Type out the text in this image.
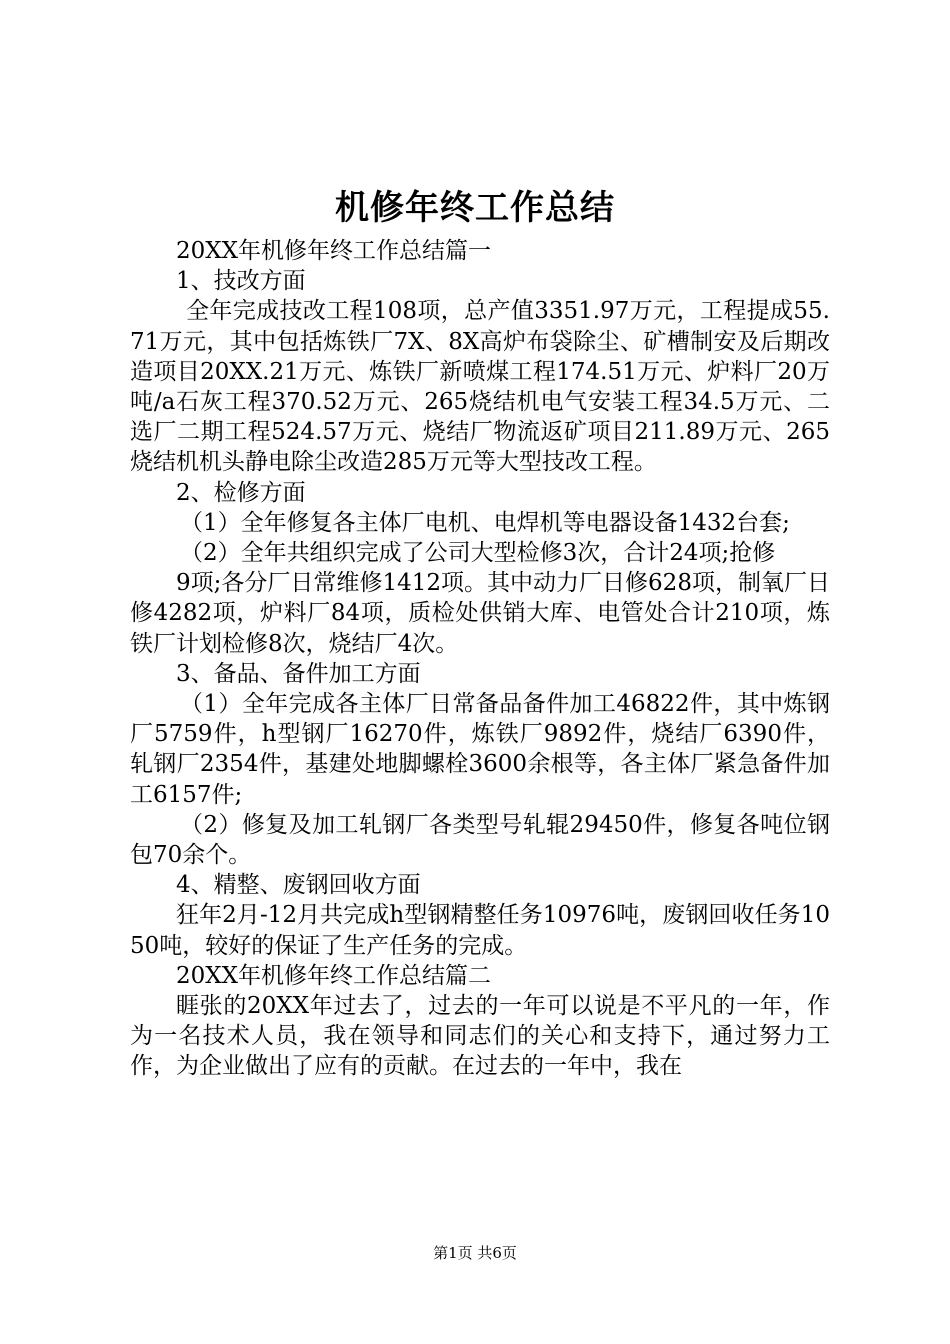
机修年终工作总结

20XX年机修年终工作总结篇一

1、技改方面

全年完成技改工程108项，总产值3351.97万元，工程提成55.71万元，其中包括炼铁厂7X、8X高炉布袋除尘、矿槽制安及后期改造项目20XX.21万元、炼铁厂新喷煤工程174.51万元、炉料厂20万吨/a石灰工程370.52万元、265烧结机电气安装工程34.5万元、二选厂二期工程524.57万元、烧结厂物流返矿项目211.89万元、265烧结机机头静电除尘改造285万元等大型技改工程。

2、检修方面

（1）全年修复各主体厂电机、电焊机等电器设备1432台套;

（2）全年共组织完成了公司大型检修3次，合计24项;抢修

9项;各分厂日常维修1412项。其中动力厂日修628项，制氧厂日修4282项，炉料厂84项，质检处供销大库、电管处合计210项，炼铁厂计划检修8次，烧结厂4次。

3、备品、备件加工方面

（1）全年完成各主体厂日常备品备件加工46822件，其中炼钢厂5759件，h型钢厂16270件，炼铁厂9892件，烧结厂6390件，轧钢厂2354件，基建处地脚螺栓3600余根等，各主体厂紧急备件加工6157件;

（2）修复及加工轧钢厂各类型号轧辊29450件，修复各吨位钢包70余个。

4、精整、废钢回收方面

狂年2月-12月共完成h型钢精整任务10976吨，废钢回收任务1050吨，较好的保证了生产任务的完成。

20XX年机修年终工作总结篇二

睚张的20XX年过去了，过去的一年可以说是不平凡的一年，作为一名技术人员，我在领导和同志们的关心和支持下，通过努力工作，为企业做出了应有的贡献。在过去的一年中，我在

第1页 共6页
